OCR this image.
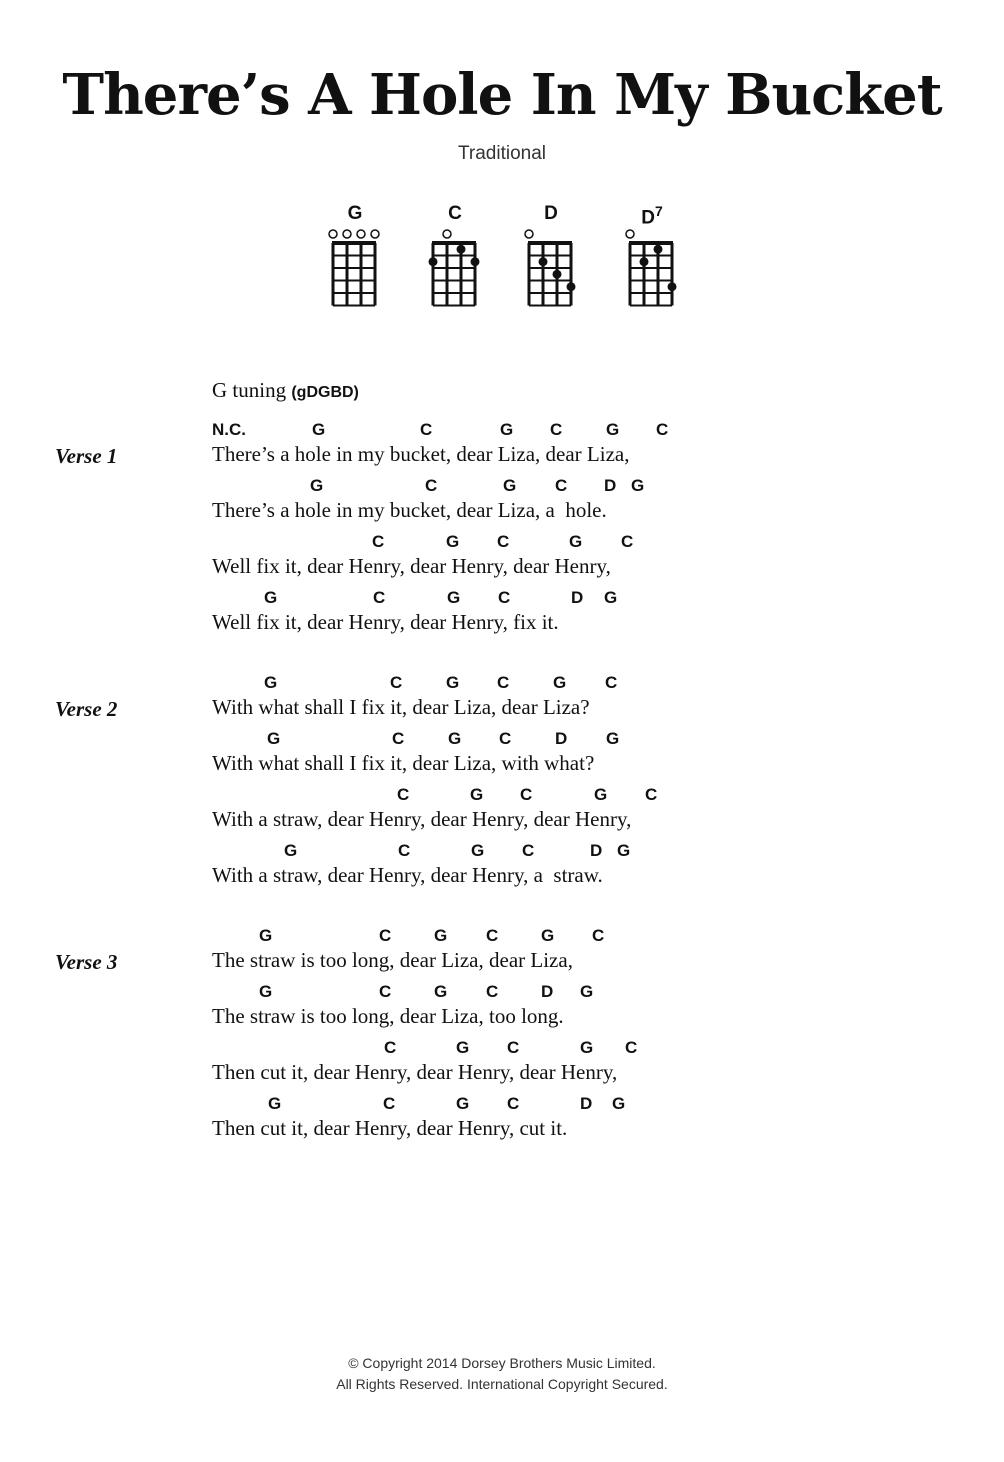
There’s A Hole In My Bucket
Traditional
G	C	D	$D^7$
G tuning (gDGBD)
Verse 1
N.C.	G	C	G C	G C
There’s a hole in my bucket, dear Liza, dear Liza,
G	C	G C D G
There’s a hole in my bucket, dear Liza, a  hole.
C	G C	G C
Well fix it, dear Henry, dear Henry, dear Henry,
G	C	G C	D G
Well fix it, dear Henry, dear Henry, fix it.
Verse 2
G	C	G C	G C
With what shall I fix it, dear Liza, dear Liza?
G	C	G C	D G
With what shall I fix it, dear Liza, with what?
C	G C	G C
With a straw, dear Henry, dear Henry, dear Henry,
G	C	G C	D G
With a straw, dear Henry, dear Henry, a  straw.
Verse 3
G	C	G C	G C
The straw is too long, dear Liza, dear Liza,
G	C	G C	D G
The straw is too long, dear Liza, too long.
C	G C	G C
Then cut it, dear Henry, dear Henry, dear Henry,
G	C	G C	D G
Then cut it, dear Henry, dear Henry, cut it.
© Copyright 2014 Dorsey Brothers Music Limited.
All Rights Reserved. International Copyright Secured.
